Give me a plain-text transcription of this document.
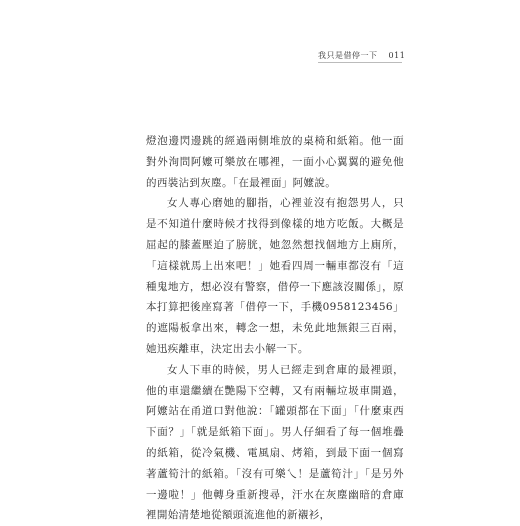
我只是借停一下 011

燈泡邊閃邊跳的經過兩側堆放的桌椅和紙箱。他一面對外洵問阿嬤可樂放在哪裡，一面小心翼翼的避免他的西裝沾到灰塵。「在最裡面」阿嬤說。

女人專心磨她的腳指，心裡並沒有抱怨男人，只是不知道什麼時候才找得到像樣的地方吃飯。大概是屈起的膝蓋壓迫了膀胱，她忽然想找個地方上廁所，「這樣就馬上出來吧！」她看四周一輛車都沒有「這種鬼地方，想必沒有警察，借停一下應該沒關係」，原本打算把後座寫著「借停一下，手機0958123456」的遮陽板拿出來，轉念一想，未免此地無銀三百兩，她迅疾離車，決定出去小解一下。

女人下車的時候，男人已經走到倉庫的最裡頭，他的車還繼續在艷陽下空轉，又有兩輛垃圾車開過，阿嬤站在甬道口對他說：「罐頭都在下面」「什麼東西下面？」「就是紙箱下面」。男人仔細看了每一個堆疊的紙箱，從冷氣機、電風扇、烤箱，到最下面一個寫著蘆筍汁的紙箱。「沒有可樂乀！是蘆筍汁」「是另外一邊啦！」他轉身重新搜尋，汗水在灰塵幽暗的倉庫裡開始清楚地從額頭流進他的新襯衫，
